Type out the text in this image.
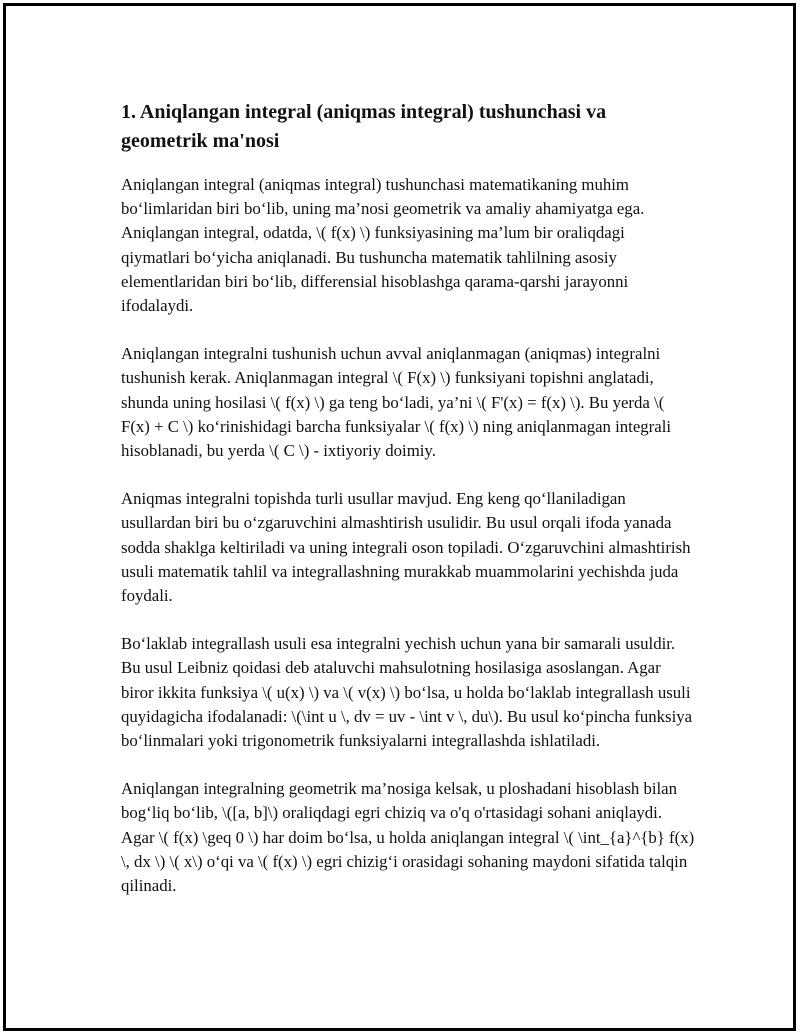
1. Aniqlangan integral (aniqmas integral) tushunchasi va geometrik ma'nosi

Aniqlangan integral (aniqmas integral) tushunchasi matematikaning muhim bo‘limlaridan biri bo‘lib, uning ma’nosi geometrik va amaliy ahamiyatga ega. Aniqlangan integral, odatda, \( f(x) \) funksiyasining ma’lum bir oraliqdagi qiymatlari bo‘yicha aniqlanadi. Bu tushuncha matematik tahlilning asosiy elementlaridan biri bo‘lib, differensial hisoblashga qarama-qarshi jarayonni ifodalaydi.

Aniqlangan integralni tushunish uchun avval aniqlanmagan (aniqmas) integralni tushunish kerak. Aniqlanmagan integral \( F(x) \) funksiyani topishni anglatadi, shunda uning hosilasi \( f(x) \) ga teng bo‘ladi, ya’ni \( F'(x) = f(x) \). Bu yerda \( F(x) + C \) ko‘rinishidagi barcha funksiyalar \( f(x) \) ning aniqlanmagan integrali hisoblanadi, bu yerda \( C \) - ixtiyoriy doimiy.

Aniqmas integralni topishda turli usullar mavjud. Eng keng qo‘llaniladigan usullardan biri bu o‘zgaruvchini almashtirish usulidir. Bu usul orqali ifoda yanada sodda shaklga keltiriladi va uning integrali oson topiladi. O‘zgaruvchini almashtirish usuli matematik tahlil va integrallashning murakkab muammolarini yechishda juda foydali.

Bo‘laklab integrallash usuli esa integralni yechish uchun yana bir samarali usuldir. Bu usul Leibniz qoidasi deb ataluvchi mahsulotning hosilasiga asoslangan. Agar biror ikkita funksiya \( u(x) \) va \( v(x) \) bo‘lsa, u holda bo‘laklab integrallash usuli quyidagicha ifodalanadi: \(\int u \, dv = uv - \int v \, du\). Bu usul ko‘pincha funksiya bo‘linmalari yoki trigonometrik funksiyalarni integrallashda ishlatiladi.

Aniqlangan integralning geometrik ma’nosiga kelsak, u ploshadani hisoblash bilan bog‘liq bo‘lib, \([a, b]\) oraliqdagi egri chiziq va o'q o'rtasidagi sohani aniqlaydi. Agar \( f(x) \geq 0 \) har doim bo‘lsa, u holda aniqlangan integral \( \int_{a}^{b} f(x) \, dx \) \( x\) o‘qi va \( f(x) \) egri chizig‘i orasidagi sohaning maydoni sifatida talqin qilinadi.
